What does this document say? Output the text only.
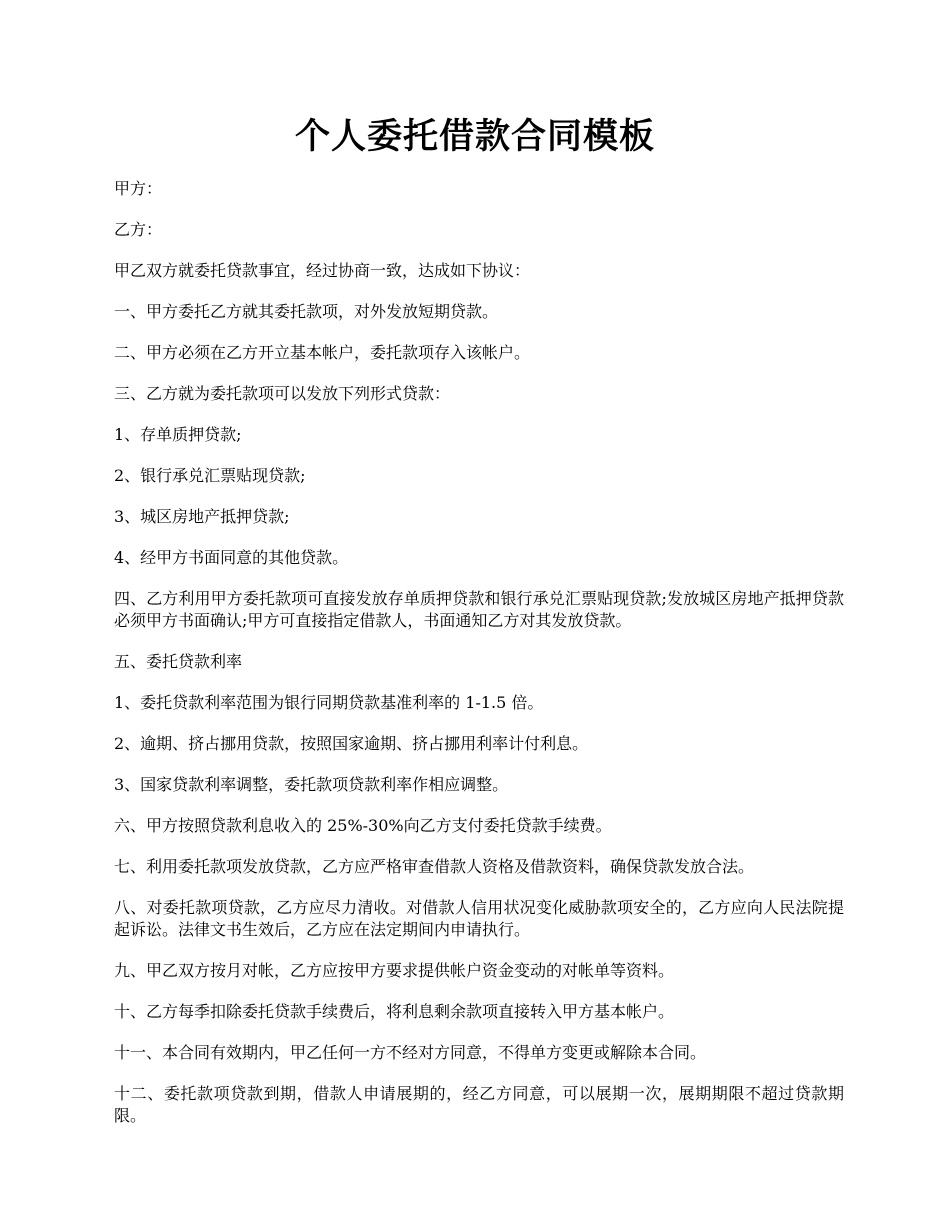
个人委托借款合同模板

甲方：

乙方：

甲乙双方就委托贷款事宜，经过协商一致，达成如下协议：

一、甲方委托乙方就其委托款项，对外发放短期贷款。

二、甲方必须在乙方开立基本帐户，委托款项存入该帐户。

三、乙方就为委托款项可以发放下列形式贷款：

1、存单质押贷款;

2、银行承兑汇票贴现贷款;

3、城区房地产抵押贷款;

4、经甲方书面同意的其他贷款。

四、乙方利用甲方委托款项可直接发放存单质押贷款和银行承兑汇票贴现贷款;发放城区房地产抵押贷款必须甲方书面确认;甲方可直接指定借款人，书面通知乙方对其发放贷款。

五、委托贷款利率

1、委托贷款利率范围为银行同期贷款基准利率的 1-1.5 倍。

2、逾期、挤占挪用贷款，按照国家逾期、挤占挪用利率计付利息。

3、国家贷款利率调整，委托款项贷款利率作相应调整。

六、甲方按照贷款利息收入的 25%-30%向乙方支付委托贷款手续费。

七、利用委托款项发放贷款，乙方应严格审查借款人资格及借款资料，确保贷款发放合法。

八、对委托款项贷款，乙方应尽力清收。对借款人信用状况变化威胁款项安全的，乙方应向人民法院提起诉讼。法律文书生效后，乙方应在法定期间内申请执行。

九、甲乙双方按月对帐，乙方应按甲方要求提供帐户资金变动的对帐单等资料。

十、乙方每季扣除委托贷款手续费后，将利息剩余款项直接转入甲方基本帐户。

十一、本合同有效期内，甲乙任何一方不经对方同意，不得单方变更或解除本合同。

十二、委托款项贷款到期，借款人申请展期的，经乙方同意，可以展期一次，展期期限不超过贷款期限。
